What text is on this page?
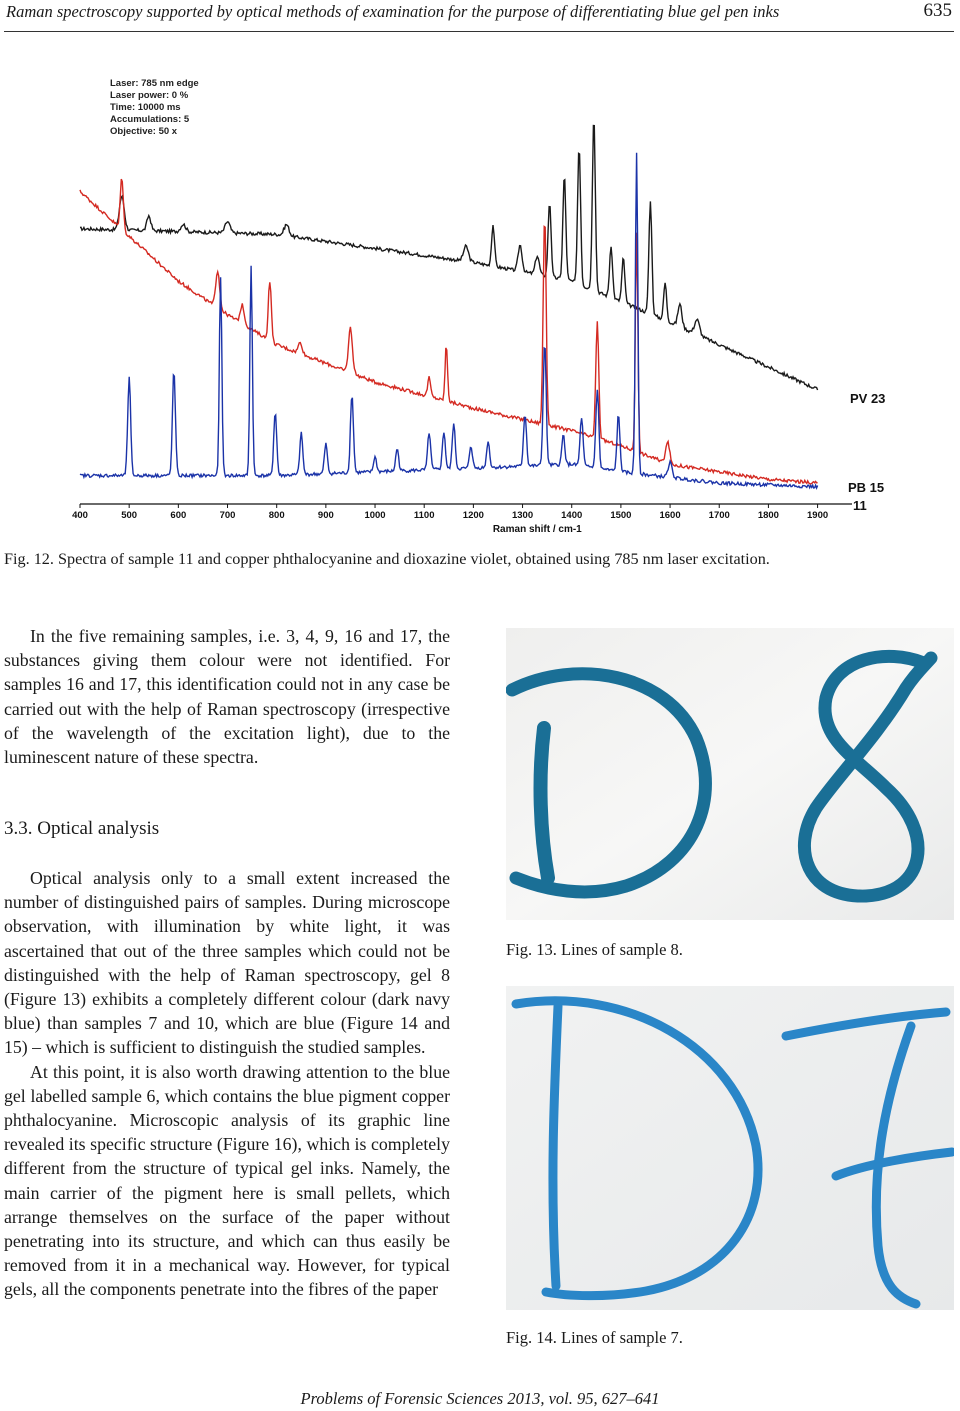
Raman spectroscopy supported by optical methods of examination for the purpose of differentiating blue gel pen inks	635
Laser: 785 nm edge
Laser power: 0 %
Time: 10000 ms
Accumulations: 5
Objective: 50 x
400	500	600	700	800	900	1000	1100	1200	1300	1400	1500	1600	1700	1800	1900
Raman shift / cm-1
PV 23
PB 15
11
Fig. 12. Spectra of sample 11 and copper phthalocyanine and dioxazine violet, obtained using 785 nm laser excitation.

In the five remaining samples, i.e. 3, 4, 9, 16 and 17, the substances giving them colour were not identified. For samples 16 and 17, this identification could not in any case be carried out with the help of Raman spectroscopy (irrespective of the wavelength of the excitation light), due to the luminescent nature of these spectra.

3.3. Optical analysis

Optical analysis only to a small extent increased the number of distinguished pairs of samples. During microscope observation, with illumination by white light, it was ascertained that out of the three samples which could not be distinguished with the help of Raman spectroscopy, gel 8 (Figure 13) exhibits a completely different colour (dark navy blue) than samples 7 and 10, which are blue (Figure 14 and 15) – which is sufficient to distinguish the studied samples.

At this point, it is also worth drawing attention to the blue gel labelled sample 6, which contains the blue pigment copper phthalocyanine. Microscopic analysis of its graphic line revealed its specific structure (Figure 16), which is completely different from the structure of typical gel inks. Namely, the main carrier of the pigment here is small pellets, which arrange themselves on the surface of the paper without penetrating into its structure, and which can thus easily be removed from it in a mechanical way. However, for typical gels, all the components penetrate into the fibres of the paper

Fig. 13. Lines of sample 8.
Fig. 14. Lines of sample 7.
Problems of Forensic Sciences 2013, vol. 95, 627–641
